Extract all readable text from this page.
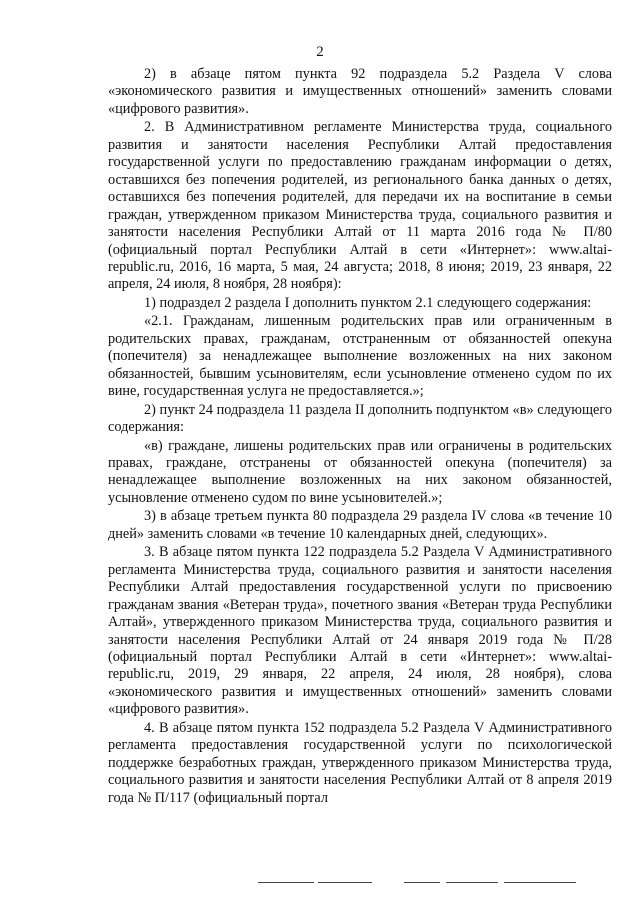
2

2) в абзаце пятом пункта 92 подраздела 5.2 Раздела V слова «экономического развития и имущественных отношений» заменить словами «цифрового развития».

2. В Административном регламенте Министерства труда, социального развития и занятости населения Республики Алтай предоставления государственной услуги по предоставлению гражданам информации о детях, оставшихся без попечения родителей, из регионального банка данных о детях, оставшихся без попечения родителей, для передачи их на воспитание в семьи граждан, утвержденном приказом Министерства труда, социального развития и занятости населения Республики Алтай от 11 марта 2016 года № П/80 (официальный портал Республики Алтай в сети «Интернет»: www.altai-republic.ru, 2016, 16 марта, 5 мая, 24 августа; 2018, 8 июня; 2019, 23 января, 22 апреля, 24 июля, 8 ноября, 28 ноября):

1) подраздел 2 раздела I дополнить пунктом 2.1 следующего содержания:

«2.1. Гражданам, лишенным родительских прав или ограниченным в родительских правах, гражданам, отстраненным от обязанностей опекуна (попечителя) за ненадлежащее выполнение возложенных на них законом обязанностей, бывшим усыновителям, если усыновление отменено судом по их вине, государственная услуга не предоставляется.»;

2) пункт 24 подраздела 11 раздела II дополнить подпунктом «в» следующего содержания:

«в) граждане, лишены родительских прав или ограничены в родительских правах, граждане, отстранены от обязанностей опекуна (попечителя) за ненадлежащее выполнение возложенных на них законом обязанностей, усыновление отменено судом по вине усыновителей.»;

3) в абзаце третьем пункта 80 подраздела 29 раздела IV слова «в течение 10 дней» заменить словами «в течение 10 календарных дней, следующих».

3. В абзаце пятом пункта 122 подраздела 5.2 Раздела V Административного регламента Министерства труда, социального развития и занятости населения Республики Алтай предоставления государственной услуги по присвоению гражданам звания «Ветеран труда», почетного звания «Ветеран труда Республики Алтай», утвержденного приказом Министерства труда, социального развития и занятости населения Республики Алтай от 24 января 2019 года № П/28 (официальный портал Республики Алтай в сети «Интернет»: www.altai-republic.ru, 2019, 29 января, 22 апреля, 24 июля, 28 ноября), слова «экономического развития и имущественных отношений» заменить словами «цифрового развития».

4. В абзаце пятом пункта 152 подраздела 5.2 Раздела V Административного регламента предоставления государственной услуги по психологической поддержке безработных граждан, утвержденного приказом Министерства труда, социального развития и занятости населения Республики Алтай от 8 апреля 2019 года № П/117 (официальный портал
